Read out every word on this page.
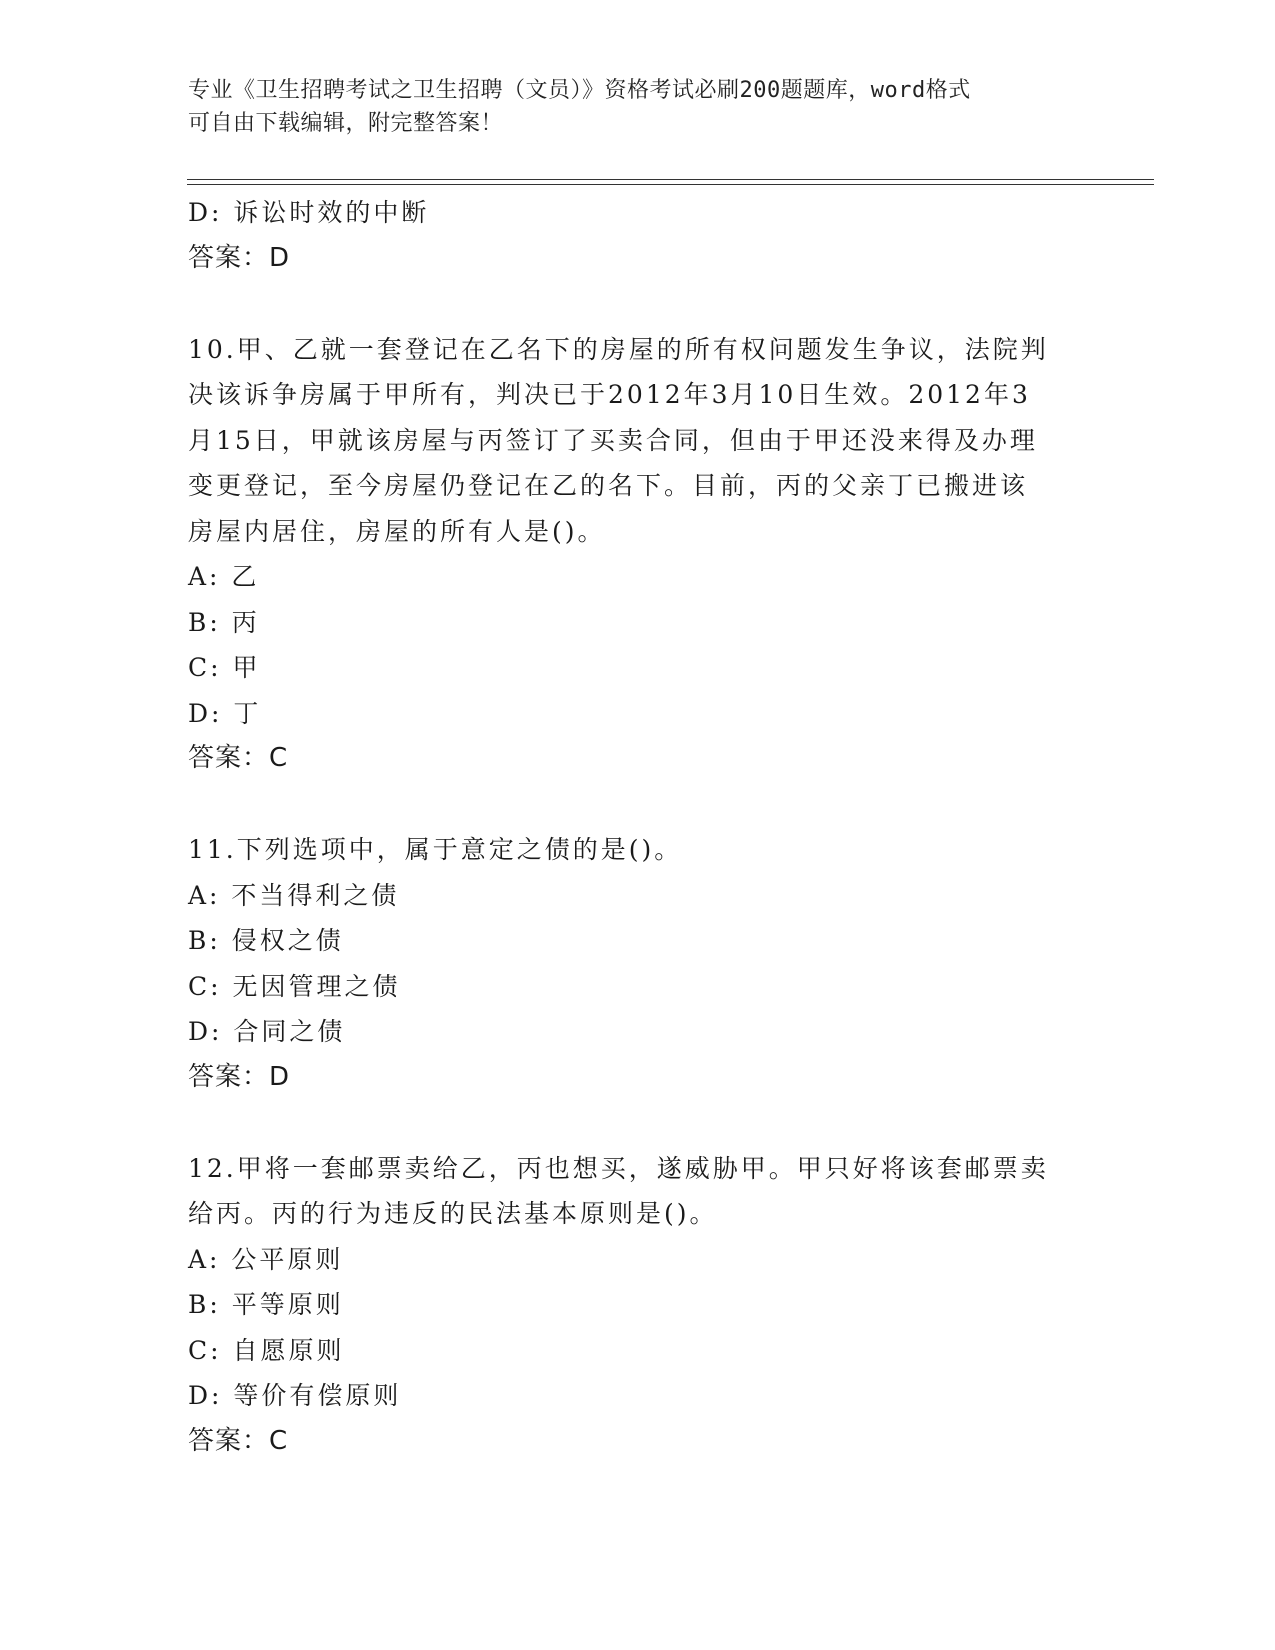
专业《卫生招聘考试之卫生招聘（文员）》资格考试必刷200题题库，word格式
可自由下载编辑，附完整答案！
D: 诉讼时效的中断
答案：D
10.甲、乙就一套登记在乙名下的房屋的所有权问题发生争议，法院判
决该诉争房属于甲所有，判决已于2012年3月10日生效。2012年3
月15日，甲就该房屋与丙签订了买卖合同，但由于甲还没来得及办理
变更登记，至今房屋仍登记在乙的名下。目前，丙的父亲丁已搬进该
房屋内居住，房屋的所有人是()。
A: 乙
B: 丙
C: 甲
D: 丁
答案：C
11.下列选项中，属于意定之债的是()。
A: 不当得利之债
B: 侵权之债
C: 无因管理之债
D: 合同之债
答案：D
12.甲将一套邮票卖给乙，丙也想买，遂威胁甲。甲只好将该套邮票卖
给丙。丙的行为违反的民法基本原则是()。
A: 公平原则
B: 平等原则
C: 自愿原则
D: 等价有偿原则
答案：C
